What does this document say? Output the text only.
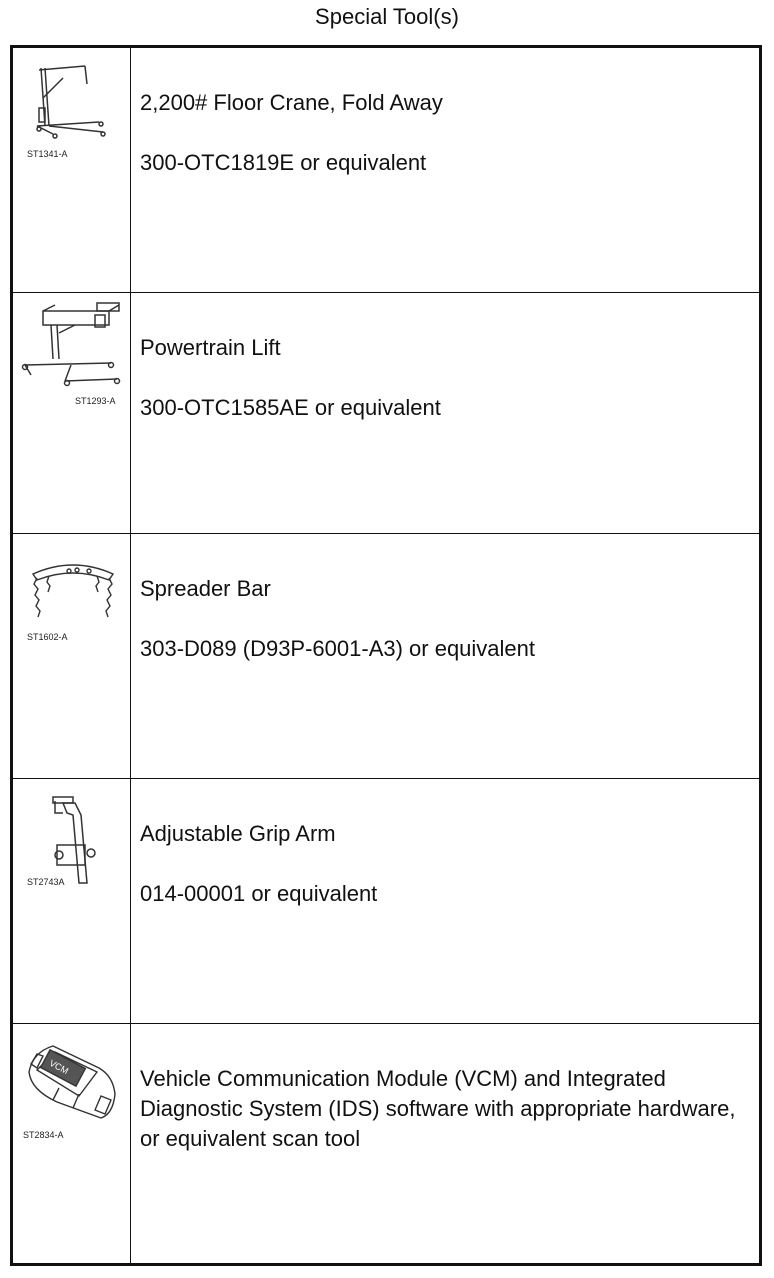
Special Tool(s)
ST1341-A

2,200# Floor Crane, Fold Away

300-OTC1819E or equivalent

ST1293-A

Powertrain Lift

300-OTC1585AE or equivalent

ST1602-A

Spreader Bar

303-D089 (D93P-6001-A3) or equivalent

ST2743A

Adjustable Grip Arm

014-00001 or equivalent

VCM
ST2834-A

Vehicle Communication Module (VCM) and Integrated Diagnostic System (IDS) software with appropriate hardware, or equivalent scan tool
